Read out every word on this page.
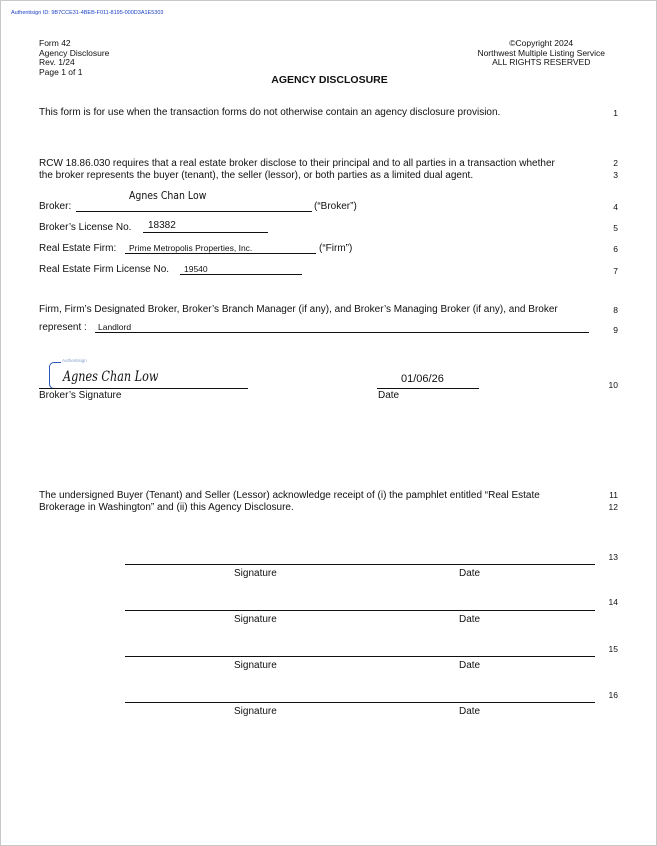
Authentisign ID: 9B7CCE31-4BEB-F011-8195-000D3A1E5303
Form 42
Agency Disclosure
Rev. 1/24
Page 1 of 1
©Copyright 2024
Northwest Multiple Listing Service
ALL RIGHTS RESERVED
AGENCY DISCLOSURE
This form is for use when the transaction forms do not otherwise contain an agency disclosure provision.	1
RCW 18.86.030 requires that a real estate broker disclose to their principal and to all parties in a transaction whether
the broker represents the buyer (tenant), the seller (lessor), or both parties as a limited dual agent.
2
3
Broker:
Agnes Chan Low
(“Broker”)	4
Broker’s License No. 18382	5
Real Estate Firm: Prime Metropolis Properties, Inc.	(“Firm”)	6
Real Estate Firm License No. 19540	7
Firm, Firm’s Designated Broker, Broker’s Branch Manager (if any), and Broker’s Managing Broker (if any), and Broker	8
represent : Landlord	9
Authentisign
Agnes Chan Low
Broker’s Signature
01/06/26
Date
10
The undersigned Buyer (Tenant) and Seller (Lessor) acknowledge receipt of (i) the pamphlet entitled “Real Estate
Brokerage in Washington” and (ii) this Agency Disclosure.
11
12
13
Signature	Date
14
Signature	Date
15
Signature	Date
16
Signature	Date
